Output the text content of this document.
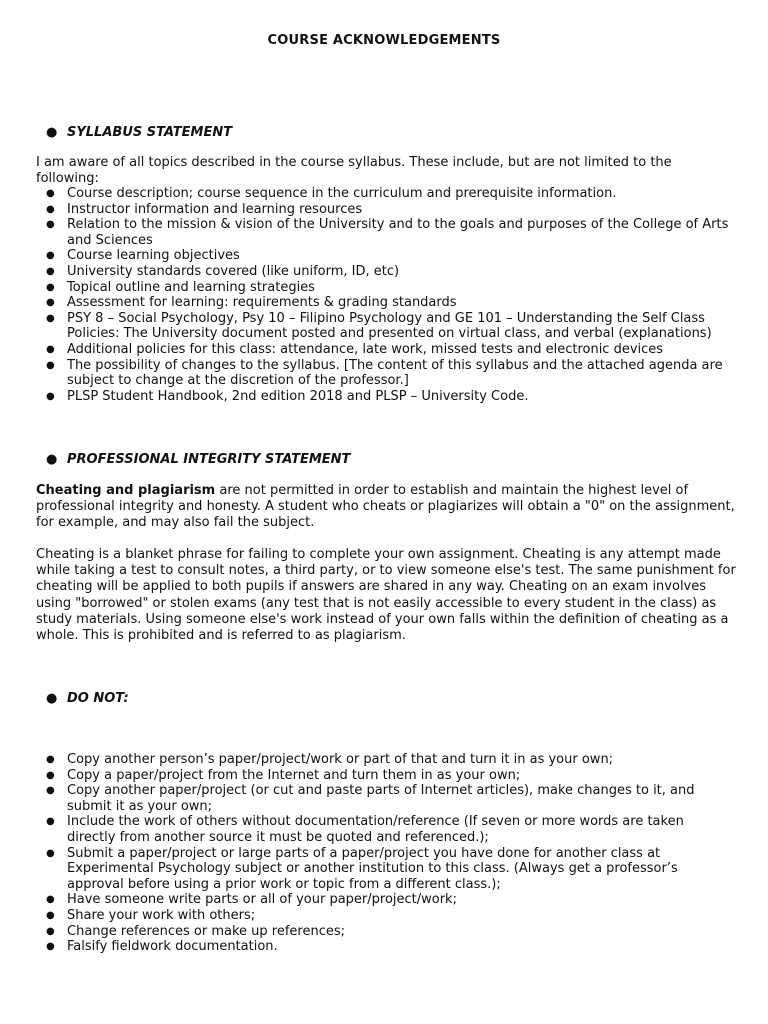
COURSE ACKNOWLEDGEMENTS
● SYLLABUS STATEMENT

I am aware of all topics described in the course syllabus. These include, but are not limited to the following:

● Course description; course sequence in the curriculum and prerequisite information.
● Instructor information and learning resources
● Relation to the mission & vision of the University and to the goals and purposes of the College of Arts and Sciences
● Course learning objectives
● University standards covered (like uniform, ID, etc)
● Topical outline and learning strategies
● Assessment for learning: requirements & grading standards
● PSY 8 – Social Psychology, Psy 10 – Filipino Psychology and GE 101 – Understanding the Self Class Policies: The University document posted and presented on virtual class, and verbal (explanations)
● Additional policies for this class: attendance, late work, missed tests and electronic devices
● The possibility of changes to the syllabus. [The content of this syllabus and the attached agenda are subject to change at the discretion of the professor.]
● PLSP Student Handbook, 2nd edition 2018 and PLSP – University Code.
● PROFESSIONAL INTEGRITY STATEMENT

Cheating and plagiarism are not permitted in order to establish and maintain the highest level of professional integrity and honesty. A student who cheats or plagiarizes will obtain a "0" on the assignment, for example, and may also fail the subject.

Cheating is a blanket phrase for failing to complete your own assignment. Cheating is any attempt made while taking a test to consult notes, a third party, or to view someone else's test. The same punishment for cheating will be applied to both pupils if answers are shared in any way. Cheating on an exam involves using "borrowed" or stolen exams (any test that is not easily accessible to every student in the class) as study materials. Using someone else's work instead of your own falls within the definition of cheating as a whole. This is prohibited and is referred to as plagiarism.

● DO NOT:
● Copy another person’s paper/project/work or part of that and turn it in as your own;
● Copy a paper/project from the Internet and turn them in as your own;
● Copy another paper/project (or cut and paste parts of Internet articles), make changes to it, and submit it as your own;
● Include the work of others without documentation/reference (If seven or more words are taken directly from another source it must be quoted and referenced.);
● Submit a paper/project or large parts of a paper/project you have done for another class at Experimental Psychology subject or another institution to this class. (Always get a professor’s approval before using a prior work or topic from a different class.);
● Have someone write parts or all of your paper/project/work;
● Share your work with others;
● Change references or make up references;
● Falsify fieldwork documentation.
